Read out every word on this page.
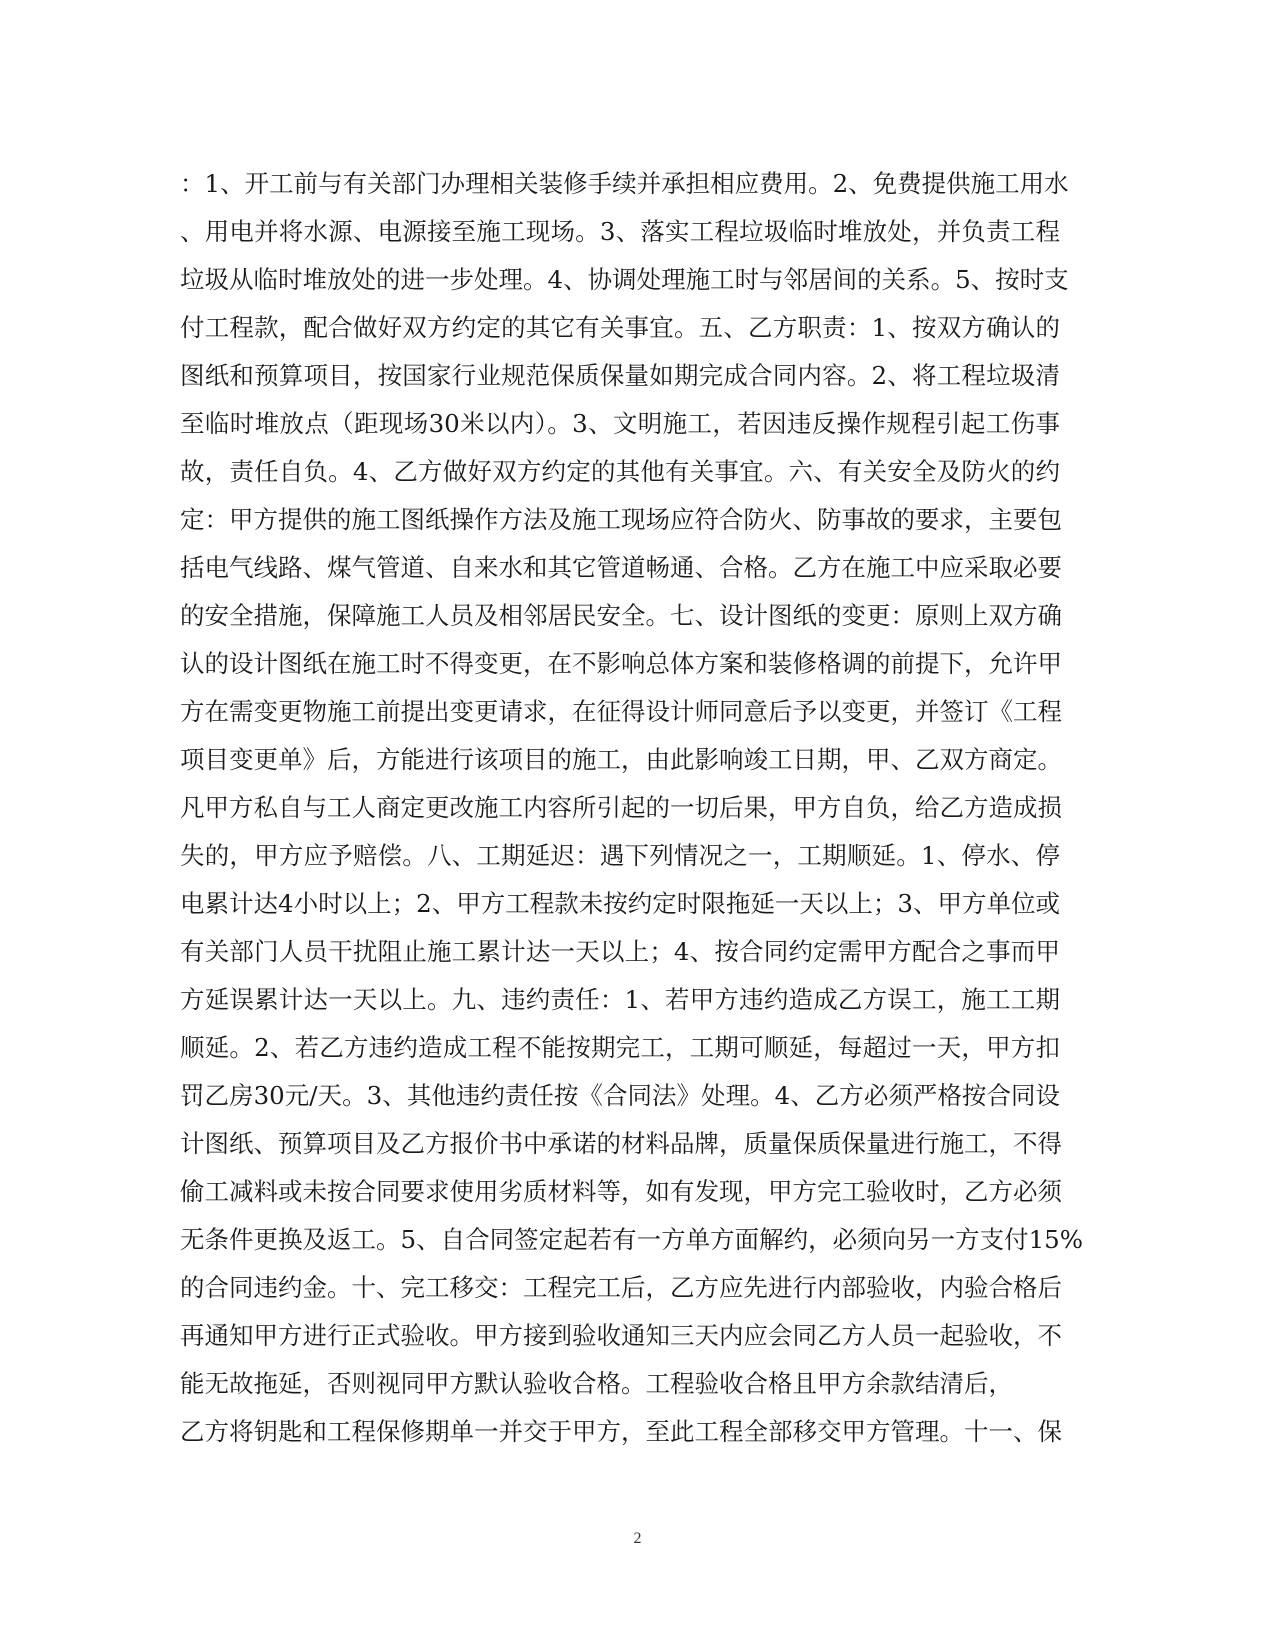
：1、开工前与有关部门办理相关装修手续并承担相应费用。2、免费提供施工用水
、用电并将水源、电源接至施工现场。3、落实工程垃圾临时堆放处，并负责工程
垃圾从临时堆放处的进一步处理。4、协调处理施工时与邻居间的关系。5、按时支
付工程款，配合做好双方约定的其它有关事宜。五、乙方职责：1、按双方确认的
图纸和预算项目，按国家行业规范保质保量如期完成合同内容。2、将工程垃圾清
至临时堆放点（距现场30米以内）。3、文明施工，若因违反操作规程引起工伤事
故，责任自负。4、乙方做好双方约定的其他有关事宜。六、有关安全及防火的约
定：甲方提供的施工图纸操作方法及施工现场应符合防火、防事故的要求，主要包
括电气线路、煤气管道、自来水和其它管道畅通、合格。乙方在施工中应采取必要
的安全措施，保障施工人员及相邻居民安全。七、设计图纸的变更：原则上双方确
认的设计图纸在施工时不得变更，在不影响总体方案和装修格调的前提下，允许甲
方在需变更物施工前提出变更请求，在征得设计师同意后予以变更，并签订《工程
项目变更单》后，方能进行该项目的施工，由此影响竣工日期，甲、乙双方商定。
凡甲方私自与工人商定更改施工内容所引起的一切后果，甲方自负，给乙方造成损
失的，甲方应予赔偿。八、工期延迟：遇下列情况之一，工期顺延。1、停水、停
电累计达4小时以上；2、甲方工程款未按约定时限拖延一天以上；3、甲方单位或
有关部门人员干扰阻止施工累计达一天以上；4、按合同约定需甲方配合之事而甲
方延误累计达一天以上。九、违约责任：1、若甲方违约造成乙方误工，施工工期
顺延。2、若乙方违约造成工程不能按期完工，工期可顺延，每超过一天，甲方扣
罚乙房30元/天。3、其他违约责任按《合同法》处理。4、乙方必须严格按合同设
计图纸、预算项目及乙方报价书中承诺的材料品牌，质量保质保量进行施工，不得
偷工减料或未按合同要求使用劣质材料等，如有发现，甲方完工验收时，乙方必须
无条件更换及返工。5、自合同签定起若有一方单方面解约，必须向另一方支付15%
的合同违约金。十、完工移交：工程完工后，乙方应先进行内部验收，内验合格后
再通知甲方进行正式验收。甲方接到验收通知三天内应会同乙方人员一起验收，不
能无故拖延，否则视同甲方默认验收合格。工程验收合格且甲方余款结清后，
乙方将钥匙和工程保修期单一并交于甲方，至此工程全部移交甲方管理。十一、保
2
